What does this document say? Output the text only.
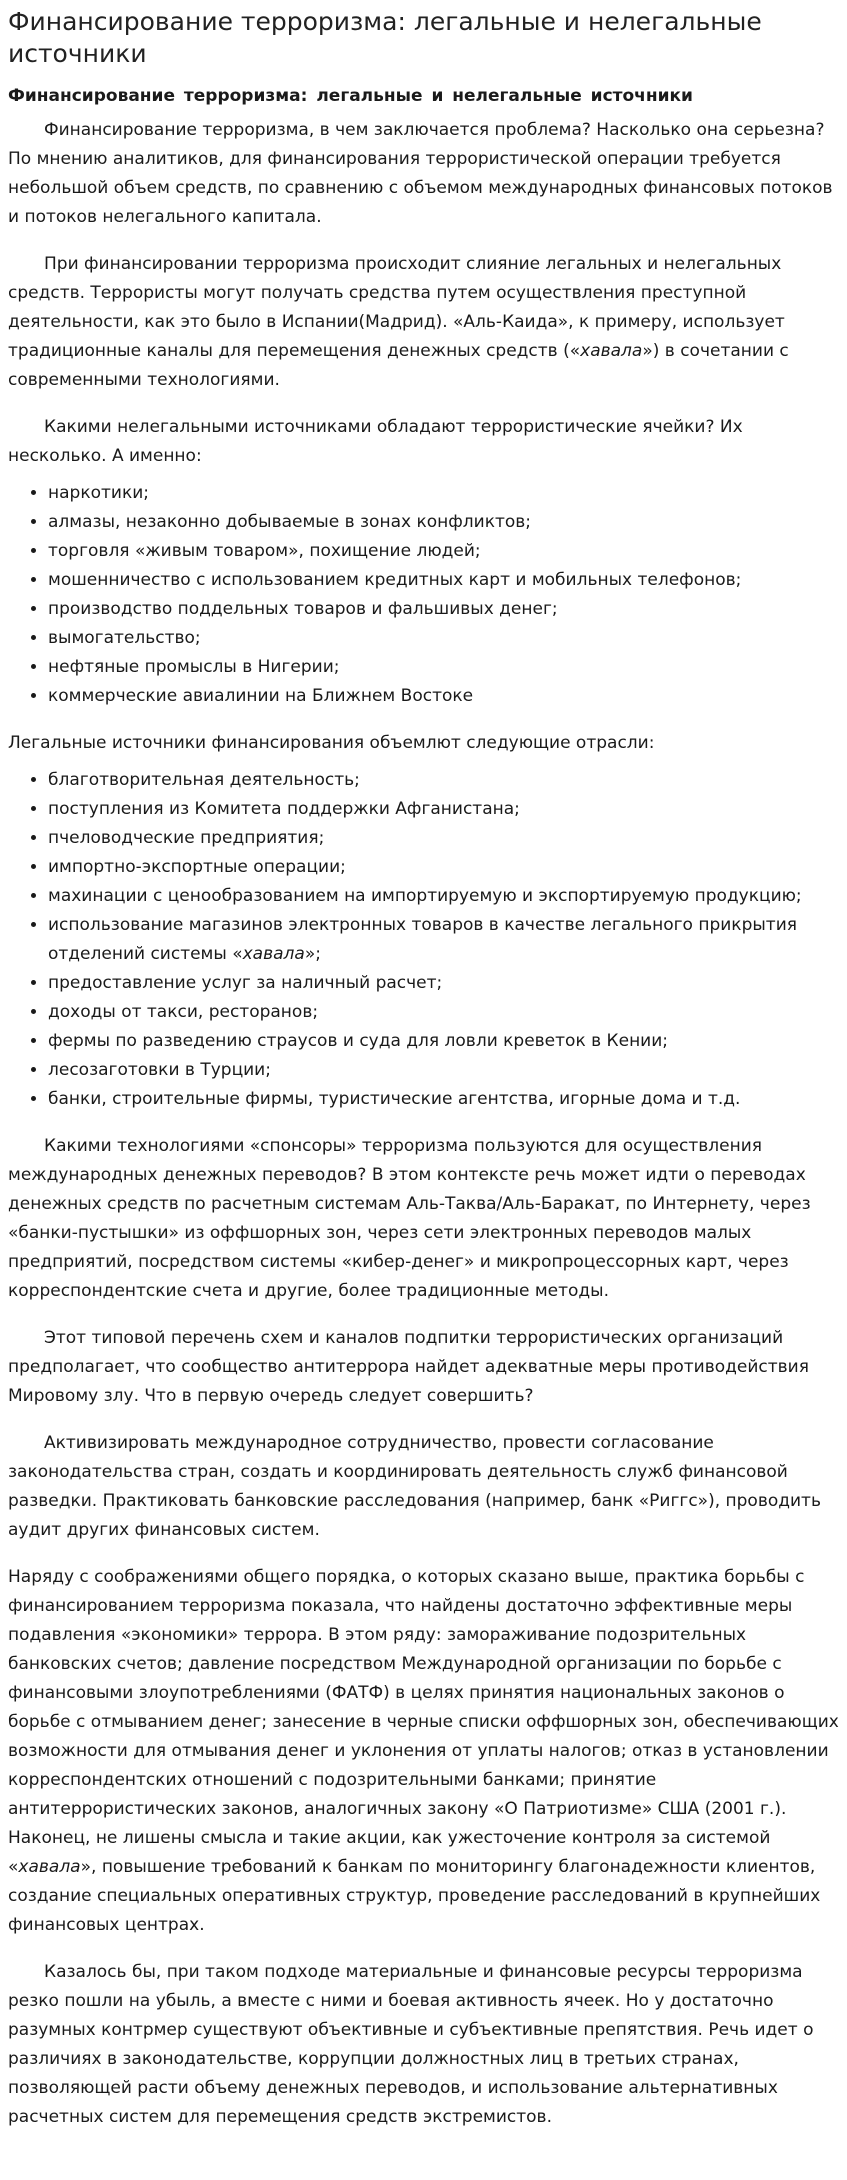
Финансирование терроризма: легальные и нелегальные источники
Финансирование терроризма: легальные и нелегальные источники

Финансирование терроризма, в чем заключается проблема? Насколько она серьезна? По мнению аналитиков, для финансирования террористической операции требуется небольшой объем средств, по сравнению с объемом международных финансовых потоков и потоков нелегального капитала.

При финансировании терроризма происходит слияние легальных и нелегальных средств. Террористы могут получать средства путем осуществления преступной деятельности, как это было в Испании(Мадрид). «Аль-Каида», к примеру, использует традиционные каналы для перемещения денежных средств («хавала») в сочетании с современными технологиями.

Какими нелегальными источниками обладают террористические ячейки? Их несколько. А именно:

• наркотики;
• алмазы, незаконно добываемые в зонах конфликтов;
• торговля «живым товаром», похищение людей;
• мошенничество с использованием кредитных карт и мобильных телефонов;
• производство поддельных товаров и фальшивых денег;
• вымогательство;
• нефтяные промыслы в Нигерии;
• коммерческие авиалинии на Ближнем Востоке

Легальные источники финансирования объемлют следующие отрасли:

• благотворительная деятельность;
• поступления из Комитета поддержки Афганистана;
• пчеловодческие предприятия;
• импортно-экспортные операции;
• махинации с ценообразованием на импортируемую и экспортируемую продукцию;
• использование магазинов электронных товаров в качестве легального прикрытия отделений системы «хавала»;
• предоставление услуг за наличный расчет;
• доходы от такси, ресторанов;
• фермы по разведению страусов и суда для ловли креветок в Кении;
• лесозаготовки в Турции;
• банки, строительные фирмы, туристические агентства, игорные дома и т.д.

Какими технологиями «спонсоры» терроризма пользуются для осуществления международных денежных переводов? В этом контексте речь может идти о переводах денежных средств по расчетным системам Аль-Таква/Аль-Баракат, по Интернету, через «банки-пустышки» из оффшорных зон, через сети электронных переводов малых предприятий, посредством системы «кибер-денег» и микропроцессорных карт, через корреспондентские счета и другие, более традиционные методы.

Этот типовой перечень схем и каналов подпитки террористических организаций предполагает, что сообщество антитеррора найдет адекватные меры противодействия Мировому злу. Что в первую очередь следует совершить?

Активизировать международное сотрудничество, провести согласование законодательства стран, создать и координировать деятельность служб финансовой разведки. Практиковать банковские расследования (например, банк «Риггс»), проводить аудит других финансовых систем.

Наряду с соображениями общего порядка, о которых сказано выше, практика борьбы с финансированием терроризма показала, что найдены достаточно эффективные меры подавления «экономики» террора. В этом ряду: замораживание подозрительных банковских счетов; давление посредством Международной организации по борьбе с финансовыми злоупотреблениями (ФАТФ) в целях принятия национальных законов о борьбе с отмыванием денег; занесение в черные списки оффшорных зон, обеспечивающих возможности для отмывания денег и уклонения от уплаты налогов; отказ в установлении корреспондентских отношений с подозрительными банками; принятие антитеррористических законов, аналогичных закону «О Патриотизме» США (2001 г.). Наконец, не лишены смысла и такие акции, как ужесточение контроля за системой «хавала», повышение требований к банкам по мониторингу благонадежности клиентов, создание специальных оперативных структур, проведение расследований в крупнейших финансовых центрах.

Казалось бы, при таком подходе материальные и финансовые ресурсы терроризма резко пошли на убыль, а вместе с ними и боевая активность ячеек. Но у достаточно разумных контрмер существуют объективные и субъективные препятствия. Речь идет о различиях в законодательстве, коррупции должностных лиц в третьих странах, позволяющей расти объему денежных переводов, и использование альтернативных расчетных систем для перемещения средств экстремистов.
